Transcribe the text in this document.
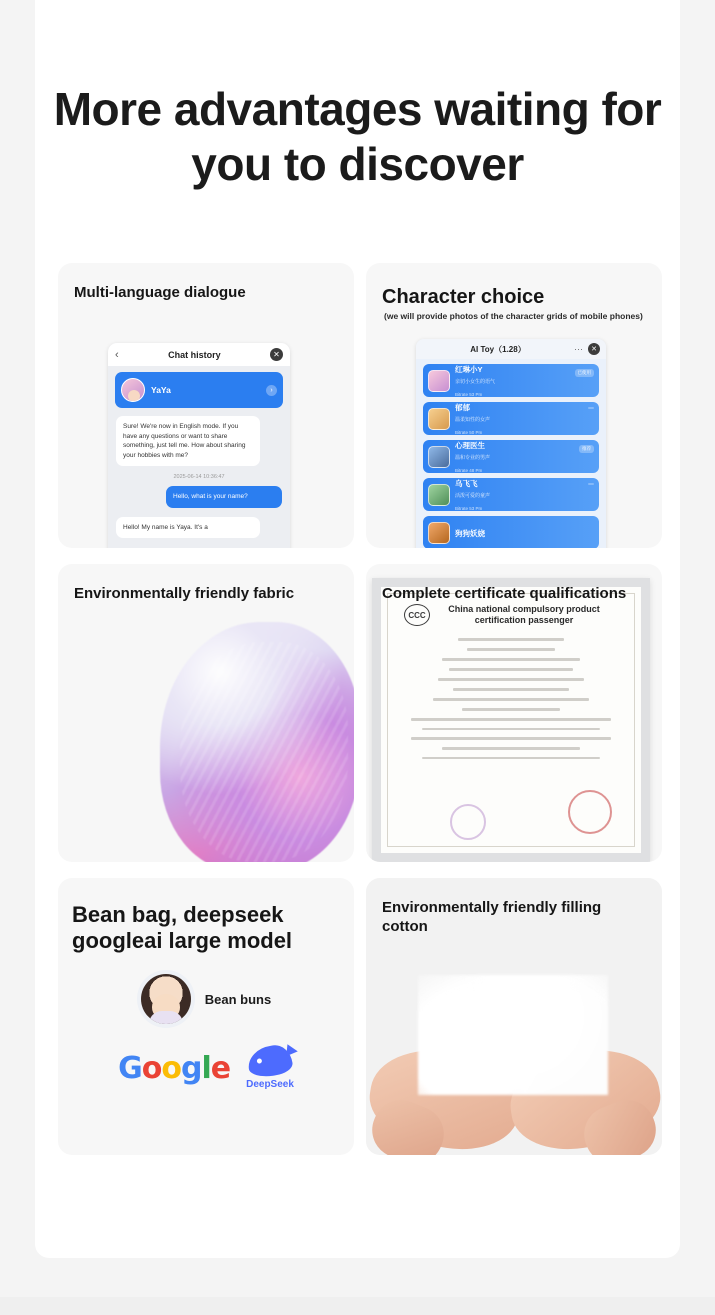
More advantages waiting for you to discover
Multi-language dialogue
‹	Chat history	✕
YaYa	›
Sure! We're now in English mode. If you have any questions or want to share something, just tell me. How about sharing your hobbies with me?
2025-06-14 10:36:47
Hello, what is your name?
Hello! My name is Yaya. It's a
Character choice
(we will provide photos of the character grids of mobile phones)
AI Toy（1.28）	···	✕
红琳小Y
亲切小女生的语气
Bitrate 53 Pm
已使用
郁郁
温柔知性的女声
Bitrate 50 Pm
心理医生
温和专业的男声
Bitrate 48 Pm
推荐
乌飞飞
活泼可爱的童声
Bitrate 53 Pm
狗狗妖娆
Environmentally friendly fabric	Complete certificate qualifications
CCC
China national compulsory product certification passenger
Bean bag, deepseek googleai large model
Bean buns
Google DeepSeek
Environmentally friendly filling cotton
